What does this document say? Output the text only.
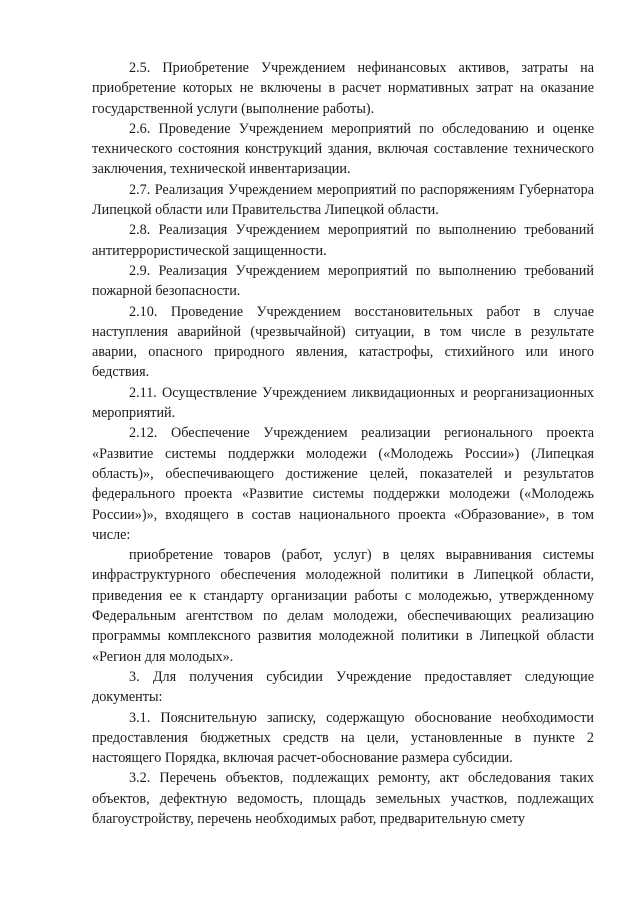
2.5. Приобретение Учреждением нефинансовых активов, затраты на приобретение которых не включены в расчет нормативных затрат на оказание государственной услуги (выполнение работы).

2.6. Проведение Учреждением мероприятий по обследованию и оценке технического состояния конструкций здания, включая составление технического заключения, технической инвентаризации.

2.7. Реализация Учреждением мероприятий по распоряжениям Губернатора Липецкой области или Правительства Липецкой области.

2.8. Реализация Учреждением мероприятий по выполнению требований антитеррористической защищенности.

2.9. Реализация Учреждением мероприятий по выполнению требований пожарной безопасности.

2.10. Проведение Учреждением восстановительных работ в случае наступления аварийной (чрезвычайной) ситуации, в том числе в результате аварии, опасного природного явления, катастрофы, стихийного или иного бедствия.

2.11. Осуществление Учреждением ликвидационных и реорганизационных мероприятий.

2.12. Обеспечение Учреждением реализации регионального проекта «Развитие системы поддержки молодежи («Молодежь России») (Липецкая область)», обеспечивающего достижение целей, показателей и результатов федерального проекта «Развитие системы поддержки молодежи («Молодежь России»)», входящего в состав национального проекта «Образование», в том числе:

приобретение товаров (работ, услуг) в целях выравнивания системы инфраструктурного обеспечения молодежной политики в Липецкой области, приведения ее к стандарту организации работы с молодежью, утвержденному Федеральным агентством по делам молодежи, обеспечивающих реализацию программы комплексного развития молодежной политики в Липецкой области «Регион для молодых».

3. Для получения субсидии Учреждение предоставляет следующие документы:

3.1. Пояснительную записку, содержащую обоснование необходимости предоставления бюджетных средств на цели, установленные в пункте 2 настоящего Порядка, включая расчет-обоснование размера субсидии.

3.2. Перечень объектов, подлежащих ремонту, акт обследования таких объектов, дефектную ведомость, площадь земельных участков, подлежащих благоустройству, перечень необходимых работ, предварительную смету
